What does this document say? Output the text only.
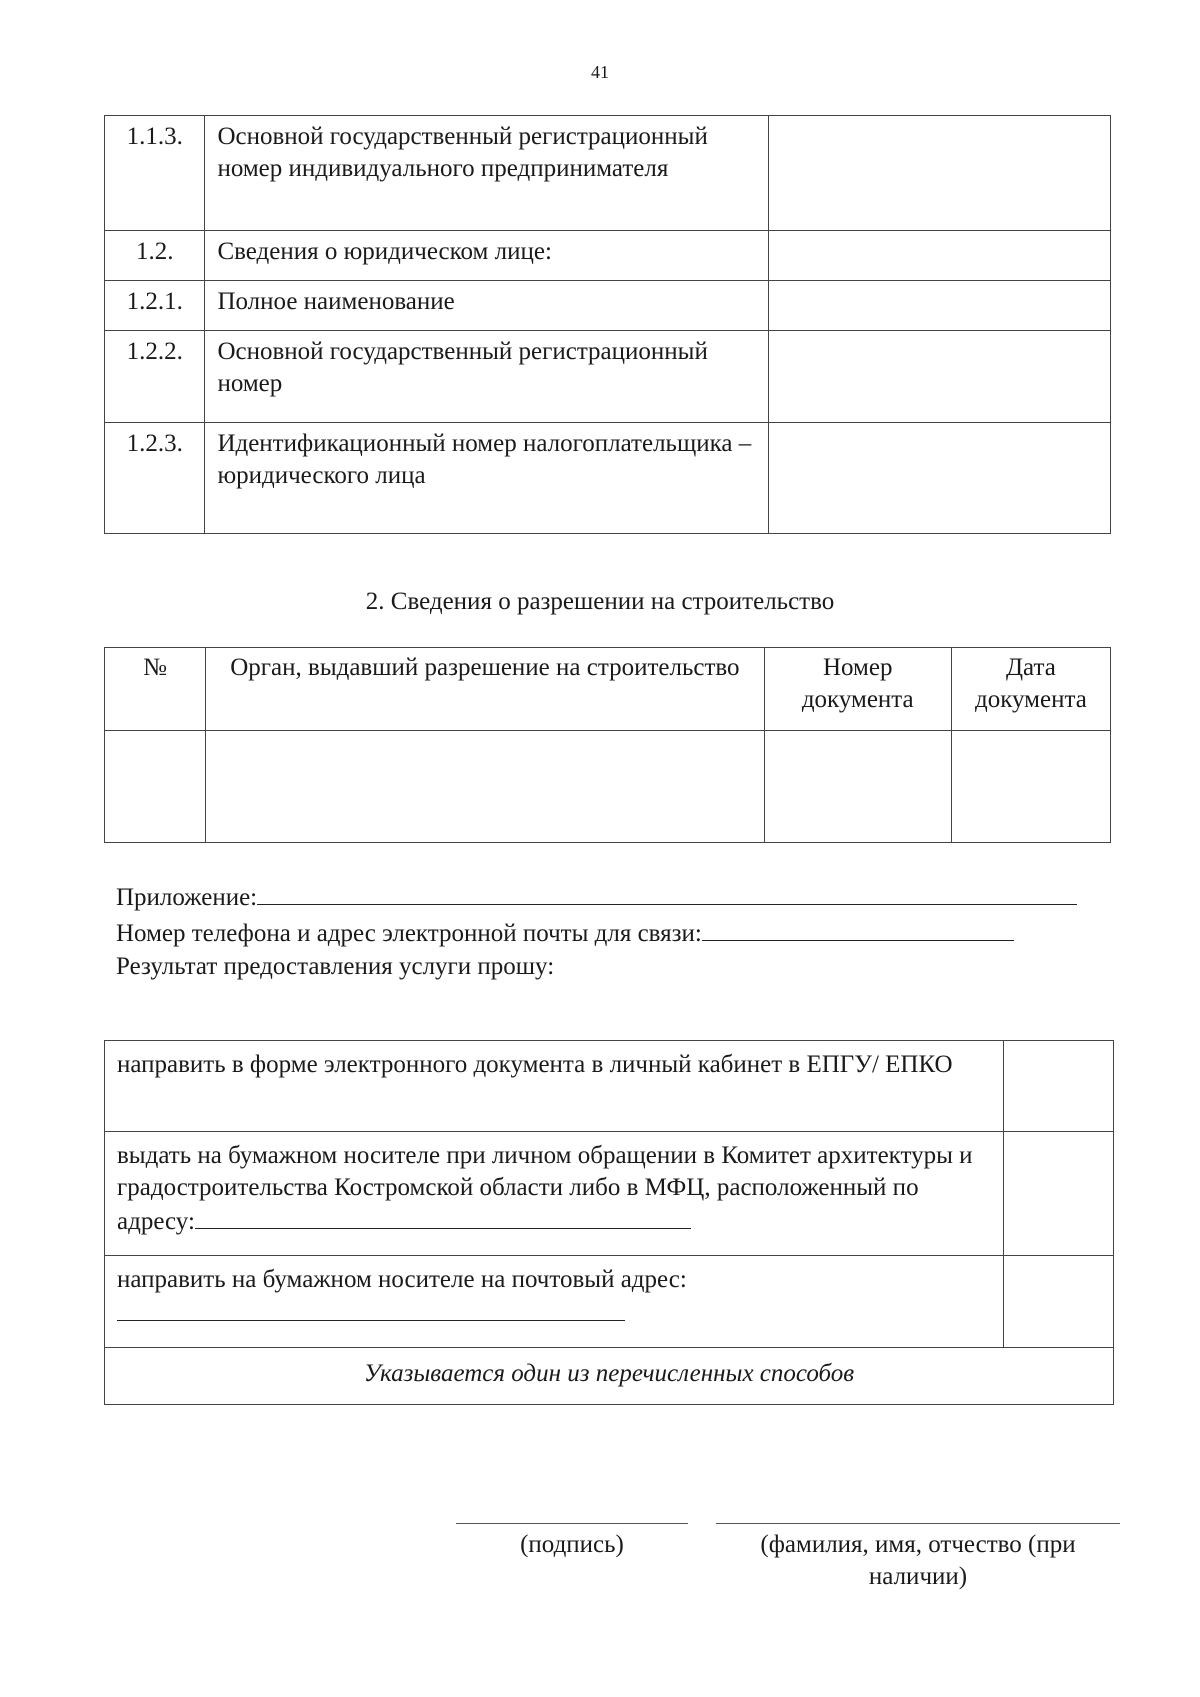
41
1.1.3.	Основной государственный регистрационный номер индивидуального предпринимателя	
1.2.	Сведения о юридическом лице:	
1.2.1.	Полное наименование	
1.2.2.	Основной государственный регистрационный номер	
1.2.3.	Идентификационный номер налогоплательщика – юридического лица	
2. Сведения о разрешении на строительство
№	Орган, выдавший разрешение на строительство	Номер документа	Дата документа

Приложение:
Номер телефона и адрес электронной почты для связи:
Результат предоставления услуги прошу:
направить в форме электронного документа в личный кабинет в ЕПГУ/ ЕПКО	
выдать на бумажном носителе при личном обращении в Комитет архитектуры и градостроительства Костромской области либо в МФЦ, расположенный по адресу:	

направить на бумажном носителе на почтовый адрес:	

Указывается один из перечисленных способов	
(подпись)	(фамилия, имя, отчество (при наличии)
